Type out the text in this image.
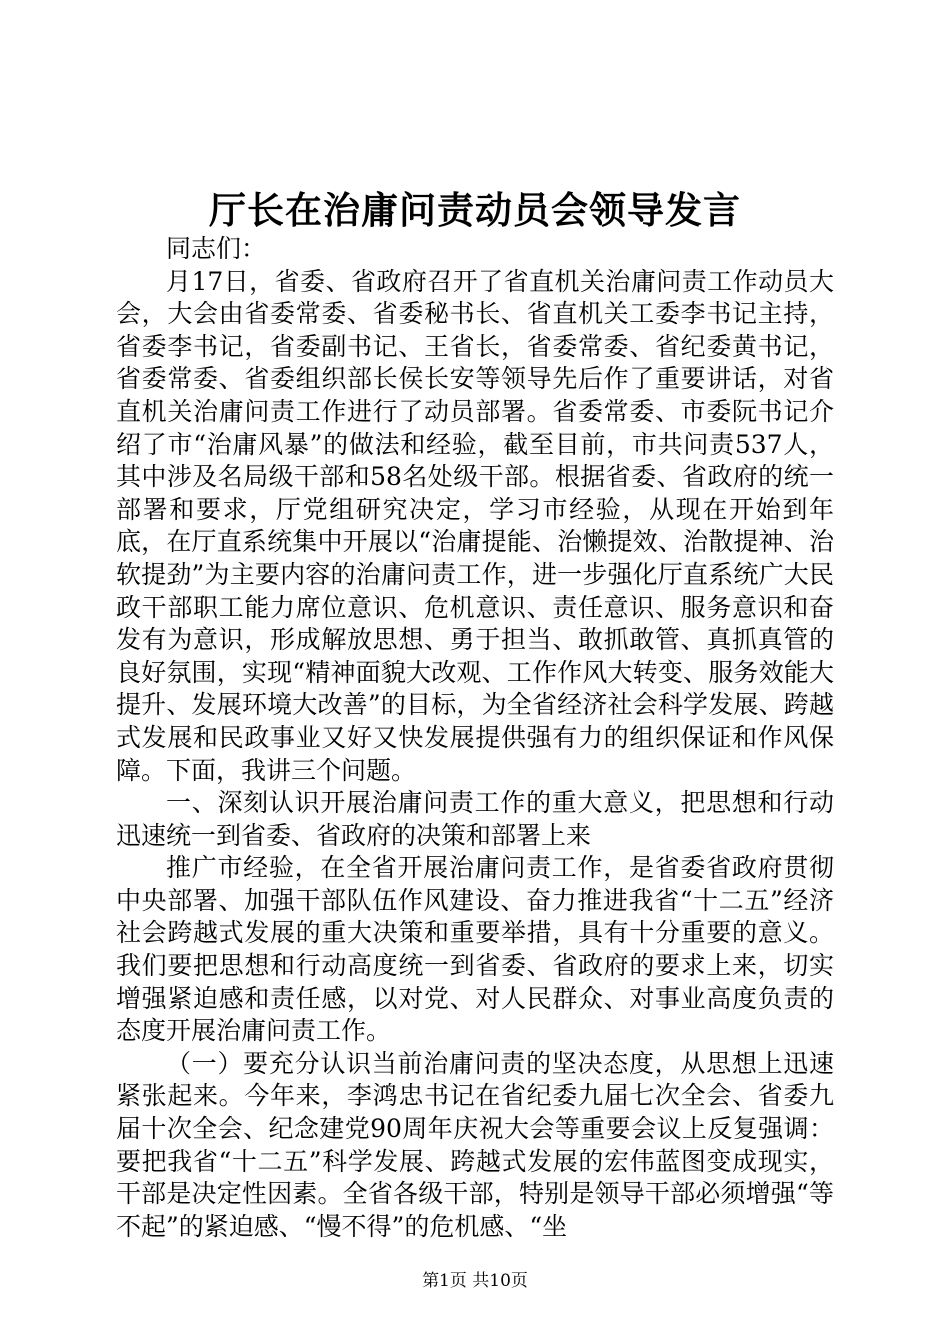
厅长在治庸问责动员会领导发言

同志们：

月17日，省委、省政府召开了省直机关治庸问责工作动员大会，大会由省委常委、省委秘书长、省直机关工委李书记主持，省委李书记，省委副书记、王省长，省委常委、省纪委黄书记，省委常委、省委组织部长侯长安等领导先后作了重要讲话，对省直机关治庸问责工作进行了动员部署。省委常委、市委阮书记介绍了市“治庸风暴”的做法和经验，截至目前，市共问责537人，其中涉及名局级干部和58名处级干部。根据省委、省政府的统一部署和要求，厅党组研究决定，学习市经验，从现在开始到年底，在厅直系统集中开展以“治庸提能、治懒提效、治散提神、治软提劲”为主要内容的治庸问责工作，进一步强化厅直系统广大民政干部职工能力席位意识、危机意识、责任意识、服务意识和奋发有为意识，形成解放思想、勇于担当、敢抓敢管、真抓真管的良好氛围，实现“精神面貌大改观、工作作风大转变、服务效能大提升、发展环境大改善”的目标，为全省经济社会科学发展、跨越式发展和民政事业又好又快发展提供强有力的组织保证和作风保障。下面，我讲三个问题。

一、深刻认识开展治庸问责工作的重大意义，把思想和行动迅速统一到省委、省政府的决策和部署上来

推广市经验，在全省开展治庸问责工作，是省委省政府贯彻中央部署、加强干部队伍作风建设、奋力推进我省“十二五”经济社会跨越式发展的重大决策和重要举措，具有十分重要的意义。我们要把思想和行动高度统一到省委、省政府的要求上来，切实增强紧迫感和责任感，以对党、对人民群众、对事业高度负责的态度开展治庸问责工作。

（一）要充分认识当前治庸问责的坚决态度，从思想上迅速紧张起来。今年来，李鸿忠书记在省纪委九届七次全会、省委九届十次全会、纪念建党90周年庆祝大会等重要会议上反复强调：要把我省“十二五”科学发展、跨越式发展的宏伟蓝图变成现实，干部是决定性因素。全省各级干部，特别是领导干部必须增强“等不起”的紧迫感、“慢不得”的危机感、“坐

第1页 共10页
